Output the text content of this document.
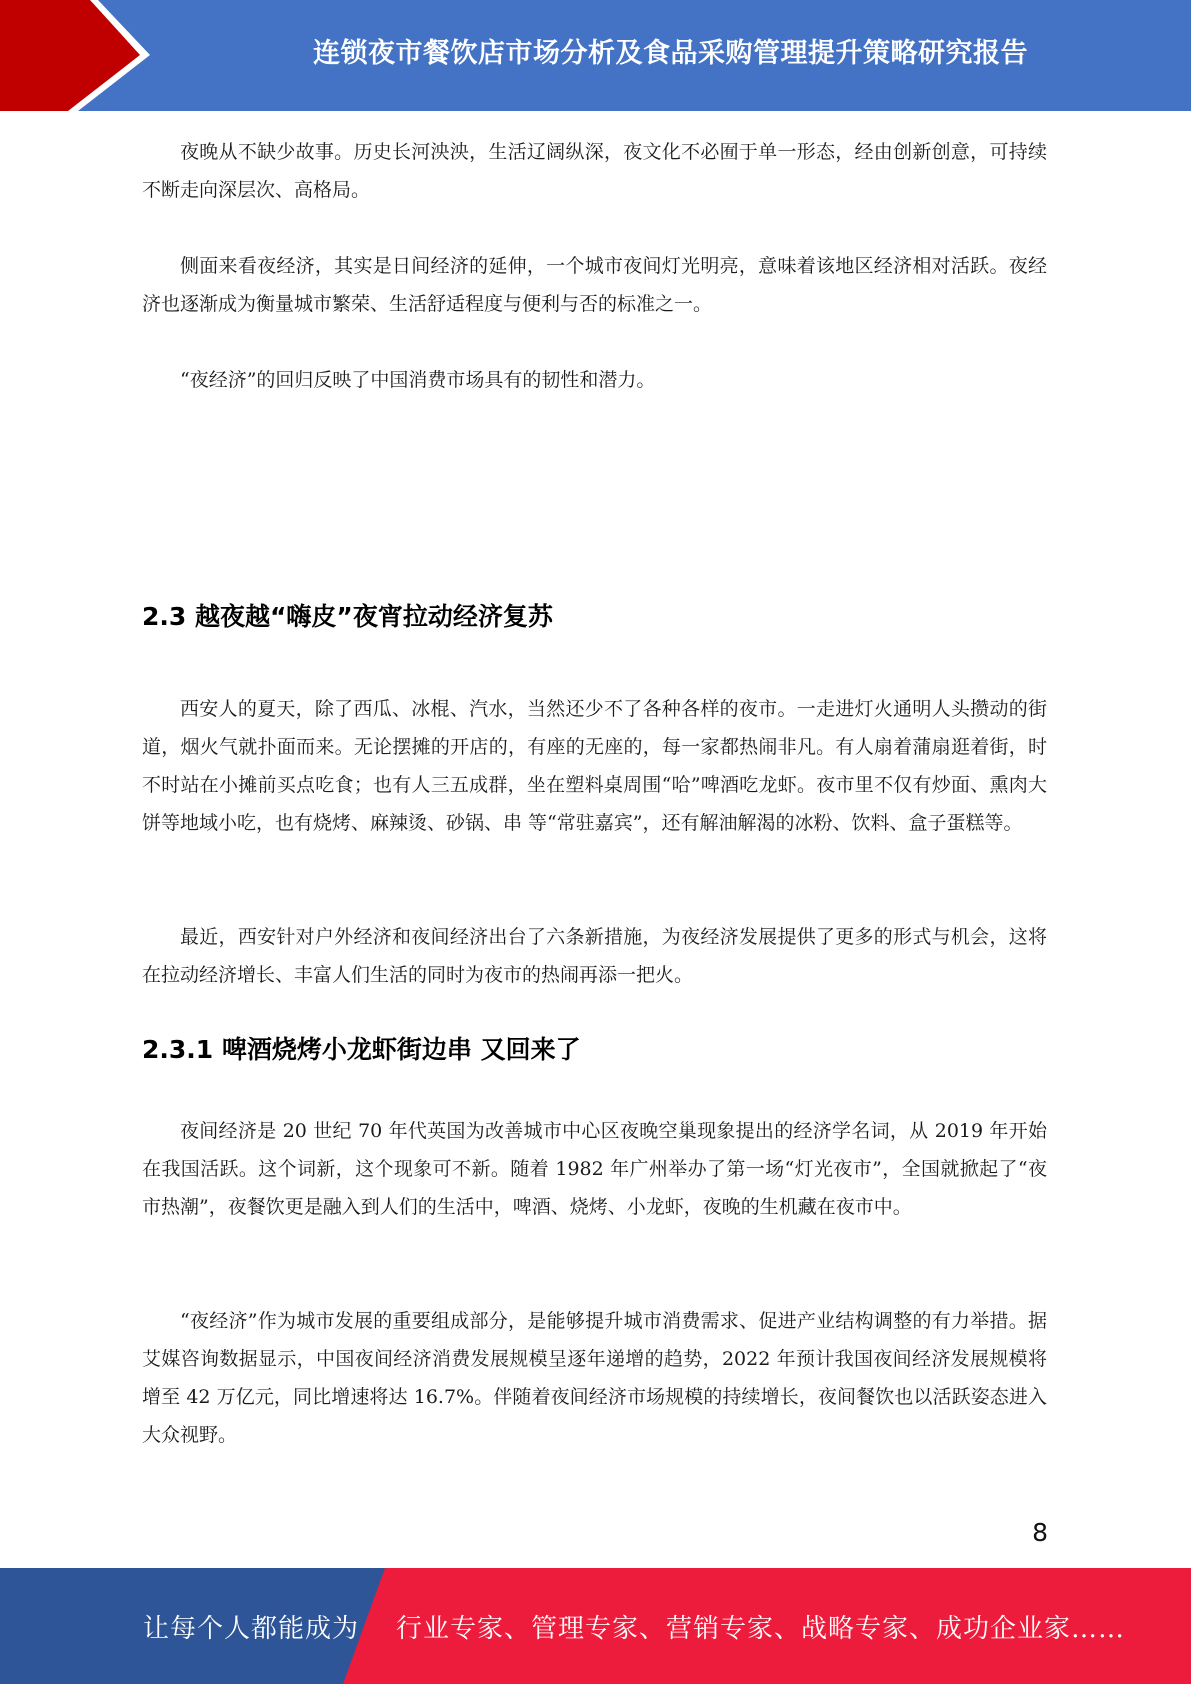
连锁夜市餐饮店市场分析及食品采购管理提升策略研究报告

夜晚从不缺少故事。历史长河泱泱，生活辽阔纵深，夜文化不必囿于单一形态，经由创新创意，可持续不断走向深层次、高格局。

侧面来看夜经济，其实是日间经济的延伸，一个城市夜间灯光明亮，意味着该地区经济相对活跃。夜经济也逐渐成为衡量城市繁荣、生活舒适程度与便利与否的标准之一。

“夜经济”的回归反映了中国消费市场具有的韧性和潜力。

2.3 越夜越“嗨皮”夜宵拉动经济复苏

西安人的夏天，除了西瓜、冰棍、汽水，当然还少不了各种各样的夜市。一走进灯火通明人头攒动的街道，烟火气就扑面而来。无论摆摊的开店的，有座的无座的，每一家都热闹非凡。有人扇着蒲扇逛着街，时不时站在小摊前买点吃食；也有人三五成群，坐在塑料桌周围“哈”啤酒吃龙虾。夜市里不仅有炒面、熏肉大饼等地域小吃，也有烧烤、麻辣烫、砂锅、串 等“常驻嘉宾”，还有解油解渴的冰粉、饮料、盒子蛋糕等。

最近，西安针对户外经济和夜间经济出台了六条新措施，为夜经济发展提供了更多的形式与机会，这将在拉动经济增长、丰富人们生活的同时为夜市的热闹再添一把火。

2.3.1 啤酒烧烤小龙虾街边串 又回来了

夜间经济是 20 世纪 70 年代英国为改善城市中心区夜晚空巢现象提出的经济学名词，从 2019 年开始在我国活跃。这个词新，这个现象可不新。随着 1982 年广州举办了第一场“灯光夜市”，全国就掀起了“夜市热潮”，夜餐饮更是融入到人们的生活中，啤酒、烧烤、小龙虾，夜晚的生机藏在夜市中。

“夜经济”作为城市发展的重要组成部分，是能够提升城市消费需求、促进产业结构调整的有力举措。据艾媒咨询数据显示，中国夜间经济消费发展规模呈逐年递增的趋势，2022 年预计我国夜间经济发展规模将增至 42 万亿元，同比增速将达 16.7%。伴随着夜间经济市场规模的持续增长，夜间餐饮也以活跃姿态进入大众视野。

8
让每个人都能成为 行业专家、管理专家、营销专家、战略专家、成功企业家……
